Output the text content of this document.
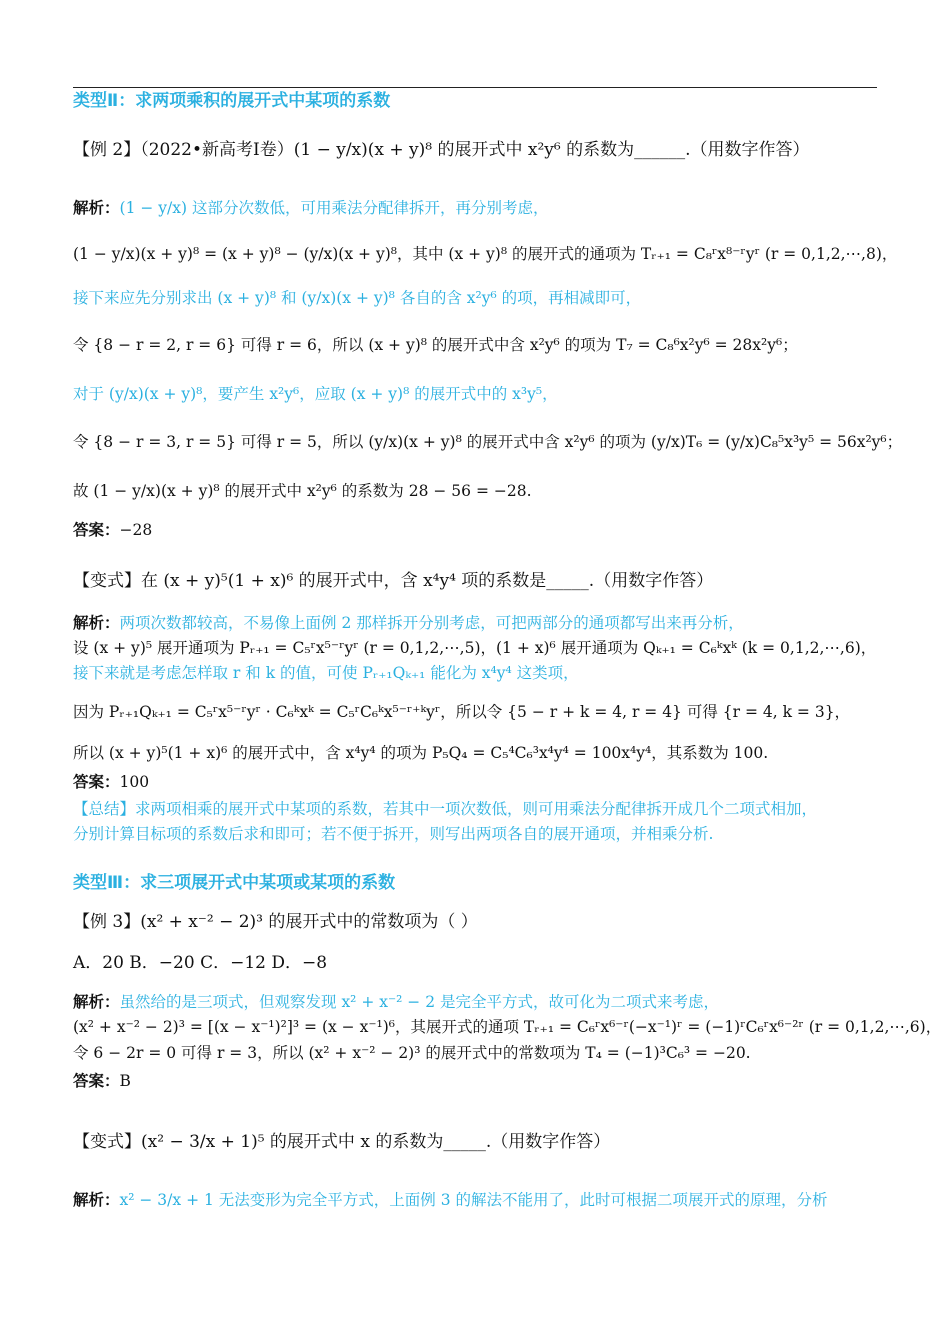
类型Ⅱ：求两项乘积的展开式中某项的系数
【例 2】（2022•新高考Ⅰ卷）(1 − y/x)(x + y)⁸ 的展开式中 x²y⁶ 的系数为______.（用数字作答）
解析：(1 − y/x) 这部分次数低，可用乘法分配律拆开，再分别考虑，
(1 − y/x)(x + y)⁸ = (x + y)⁸ − (y/x)(x + y)⁸，其中 (x + y)⁸ 的展开式的通项为 Tᵣ₊₁ = C₈ʳx⁸⁻ʳyʳ (r = 0,1,2,⋯,8)，
接下来应先分别求出 (x + y)⁸ 和 (y/x)(x + y)⁸ 各自的含 x²y⁶ 的项，再相减即可，
令 {8 − r = 2, r = 6} 可得 r = 6，所以 (x + y)⁸ 的展开式中含 x²y⁶ 的项为 T₇ = C₈⁶x²y⁶ = 28x²y⁶；
对于 (y/x)(x + y)⁸，要产生 x²y⁶，应取 (x + y)⁸ 的展开式中的 x³y⁵，
令 {8 − r = 3, r = 5} 可得 r = 5，所以 (y/x)(x + y)⁸ 的展开式中含 x²y⁶ 的项为 (y/x)T₆ = (y/x)C₈⁵x³y⁵ = 56x²y⁶；
故 (1 − y/x)(x + y)⁸ 的展开式中 x²y⁶ 的系数为 28 − 56 = −28.
答案：−28
【变式】在 (x + y)⁵(1 + x)⁶ 的展开式中，含 x⁴y⁴ 项的系数是_____.（用数字作答）
解析：两项次数都较高，不易像上面例 2 那样拆开分别考虑，可把两部分的通项都写出来再分析，
设 (x + y)⁵ 展开通项为 Pᵣ₊₁ = C₅ʳx⁵⁻ʳyʳ (r = 0,1,2,⋯,5)，(1 + x)⁶ 展开通项为 Qₖ₊₁ = C₆ᵏxᵏ (k = 0,1,2,⋯,6)，
接下来就是考虑怎样取 r 和 k 的值，可使 Pᵣ₊₁Qₖ₊₁ 能化为 x⁴y⁴ 这类项，
因为 Pᵣ₊₁Qₖ₊₁ = C₅ʳx⁵⁻ʳyʳ · C₆ᵏxᵏ = C₅ʳC₆ᵏx⁵⁻ʳ⁺ᵏyʳ，所以令 {5 − r + k = 4, r = 4} 可得 {r = 4, k = 3}，
所以 (x + y)⁵(1 + x)⁶ 的展开式中，含 x⁴y⁴ 的项为 P₅Q₄ = C₅⁴C₆³x⁴y⁴ = 100x⁴y⁴，其系数为 100.
答案：100
【总结】求两项相乘的展开式中某项的系数，若其中一项次数低，则可用乘法分配律拆开成几个二项式相加，
分别计算目标项的系数后求和即可；若不便于拆开，则写出两项各自的展开通项，并相乘分析.
类型Ⅲ：求三项展开式中某项或某项的系数
【例 3】(x² + x⁻² − 2)³ 的展开式中的常数项为（ ）
A．20 B．−20 C．−12 D．−8
解析：虽然给的是三项式，但观察发现 x² + x⁻² − 2 是完全平方式，故可化为二项式来考虑，
(x² + x⁻² − 2)³ = [(x − x⁻¹)²]³ = (x − x⁻¹)⁶，其展开式的通项 Tᵣ₊₁ = C₆ʳx⁶⁻ʳ(−x⁻¹)ʳ = (−1)ʳC₆ʳx⁶⁻²ʳ (r = 0,1,2,⋯,6)，
令 6 − 2r = 0 可得 r = 3，所以 (x² + x⁻² − 2)³ 的展开式中的常数项为 T₄ = (−1)³C₆³ = −20.
答案：B
【变式】(x² − 3/x + 1)⁵ 的展开式中 x 的系数为_____.（用数字作答）
解析：x² − 3/x + 1 无法变形为完全平方式，上面例 3 的解法不能用了，此时可根据二项展开式的原理，分析
